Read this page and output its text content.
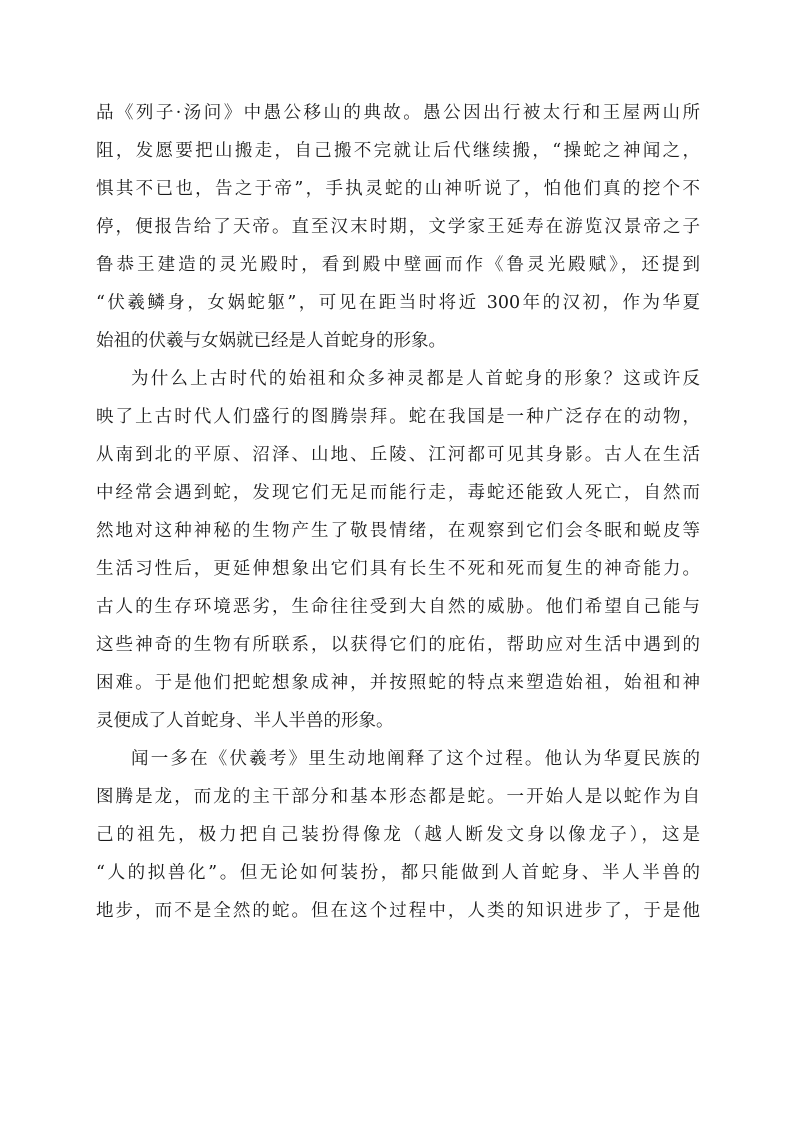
品《列子·汤问》中愚公移山的典故。愚公因出行被太行和王屋两山所
阻，发愿要把山搬走，自己搬不完就让后代继续搬，“操蛇之神闻之，
惧其不已也，告之于帝”，手执灵蛇的山神听说了，怕他们真的挖个不
停，便报告给了天帝。直至汉末时期，文学家王延寿在游览汉景帝之子
鲁恭王建造的灵光殿时，看到殿中壁画而作《鲁灵光殿赋》，还提到
“伏羲鳞身，女娲蛇躯”，可见在距当时将近 300年的汉初，作为华夏
始祖的伏羲与女娲就已经是人首蛇身的形象。
为什么上古时代的始祖和众多神灵都是人首蛇身的形象？这或许反
映了上古时代人们盛行的图腾崇拜。蛇在我国是一种广泛存在的动物，
从南到北的平原、沼泽、山地、丘陵、江河都可见其身影。古人在生活
中经常会遇到蛇，发现它们无足而能行走，毒蛇还能致人死亡，自然而
然地对这种神秘的生物产生了敬畏情绪，在观察到它们会冬眠和蜕皮等
生活习性后，更延伸想象出它们具有长生不死和死而复生的神奇能力。
古人的生存环境恶劣，生命往往受到大自然的威胁。他们希望自己能与
这些神奇的生物有所联系，以获得它们的庇佑，帮助应对生活中遇到的
困难。于是他们把蛇想象成神，并按照蛇的特点来塑造始祖，始祖和神
灵便成了人首蛇身、半人半兽的形象。
闻一多在《伏羲考》里生动地阐释了这个过程。他认为华夏民族的
图腾是龙，而龙的主干部分和基本形态都是蛇。一开始人是以蛇作为自
己的祖先，极力把自己装扮得像龙（越人断发文身以像龙子），这是
“人的拟兽化”。但无论如何装扮，都只能做到人首蛇身、半人半兽的
地步，而不是全然的蛇。但在这个过程中，人类的知识进步了，于是他
